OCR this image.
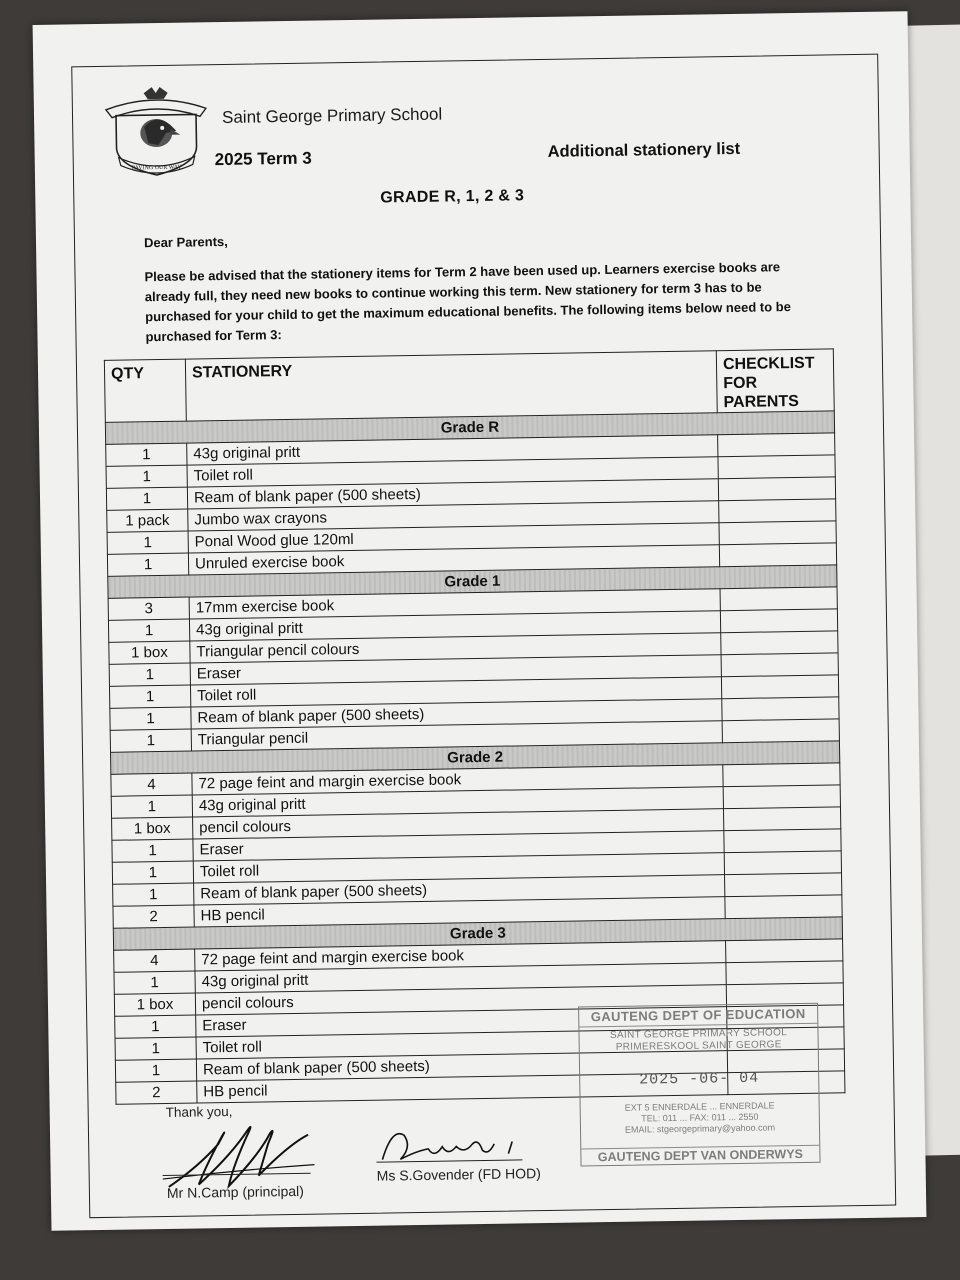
PAVING OUR WAY
Saint George Primary School
2025 Term 3	Additional stationery list
GRADE R, 1, 2 & 3
Dear Parents,

Please be advised that the stationery items for Term 2 have been used up. Learners exercise books are already full, they need new books to continue working this term. New stationery for term 3 has to be purchased for your child to get the maximum educational benefits. The following items below need to be purchased for Term 3:

QTY	STATIONERY	CHECKLIST
FOR PARENTS
Grade R		
1	43g original pritt	
1	Toilet roll	
1	Ream of blank paper (500 sheets)	
1 pack	Jumbo wax crayons	
1	Ponal Wood glue 120ml	
1	Unruled exercise book	
Grade 1		
3	17mm exercise book	
1	43g original pritt	
1 box	Triangular pencil colours	
1	Eraser	
1	Toilet roll	
1	Ream of blank paper (500 sheets)	
1	Triangular pencil	
Grade 2		
4	72 page feint and margin exercise book	
1	43g original pritt	
1 box	pencil colours	
1	Eraser	
1	Toilet roll	
1	Ream of blank paper (500 sheets)	
2	HB pencil	
Grade 3		
4	72 page feint and margin exercise book	
1	43g original pritt	
1 box	pencil colours	
1	Eraser	
1	Toilet roll	
1	Ream of blank paper (500 sheets)	
2	HB pencil	
Thank you,
Mr N.Camp (principal)
Ms S.Govender (FD HOD)
GAUTENG DEPT OF EDUCATION
SAINT GEORGE PRIMARY SCHOOL
PRIMERESKOOL SAINT GEORGE
2025 -06- 04
EXT 5 ENNERDALE ... ENNERDALE
TEL: 011 ... FAX: 011 ... 2550
EMAIL: stgeorgeprimary@yahoo.com
GAUTENG DEPT VAN ONDERWYS
